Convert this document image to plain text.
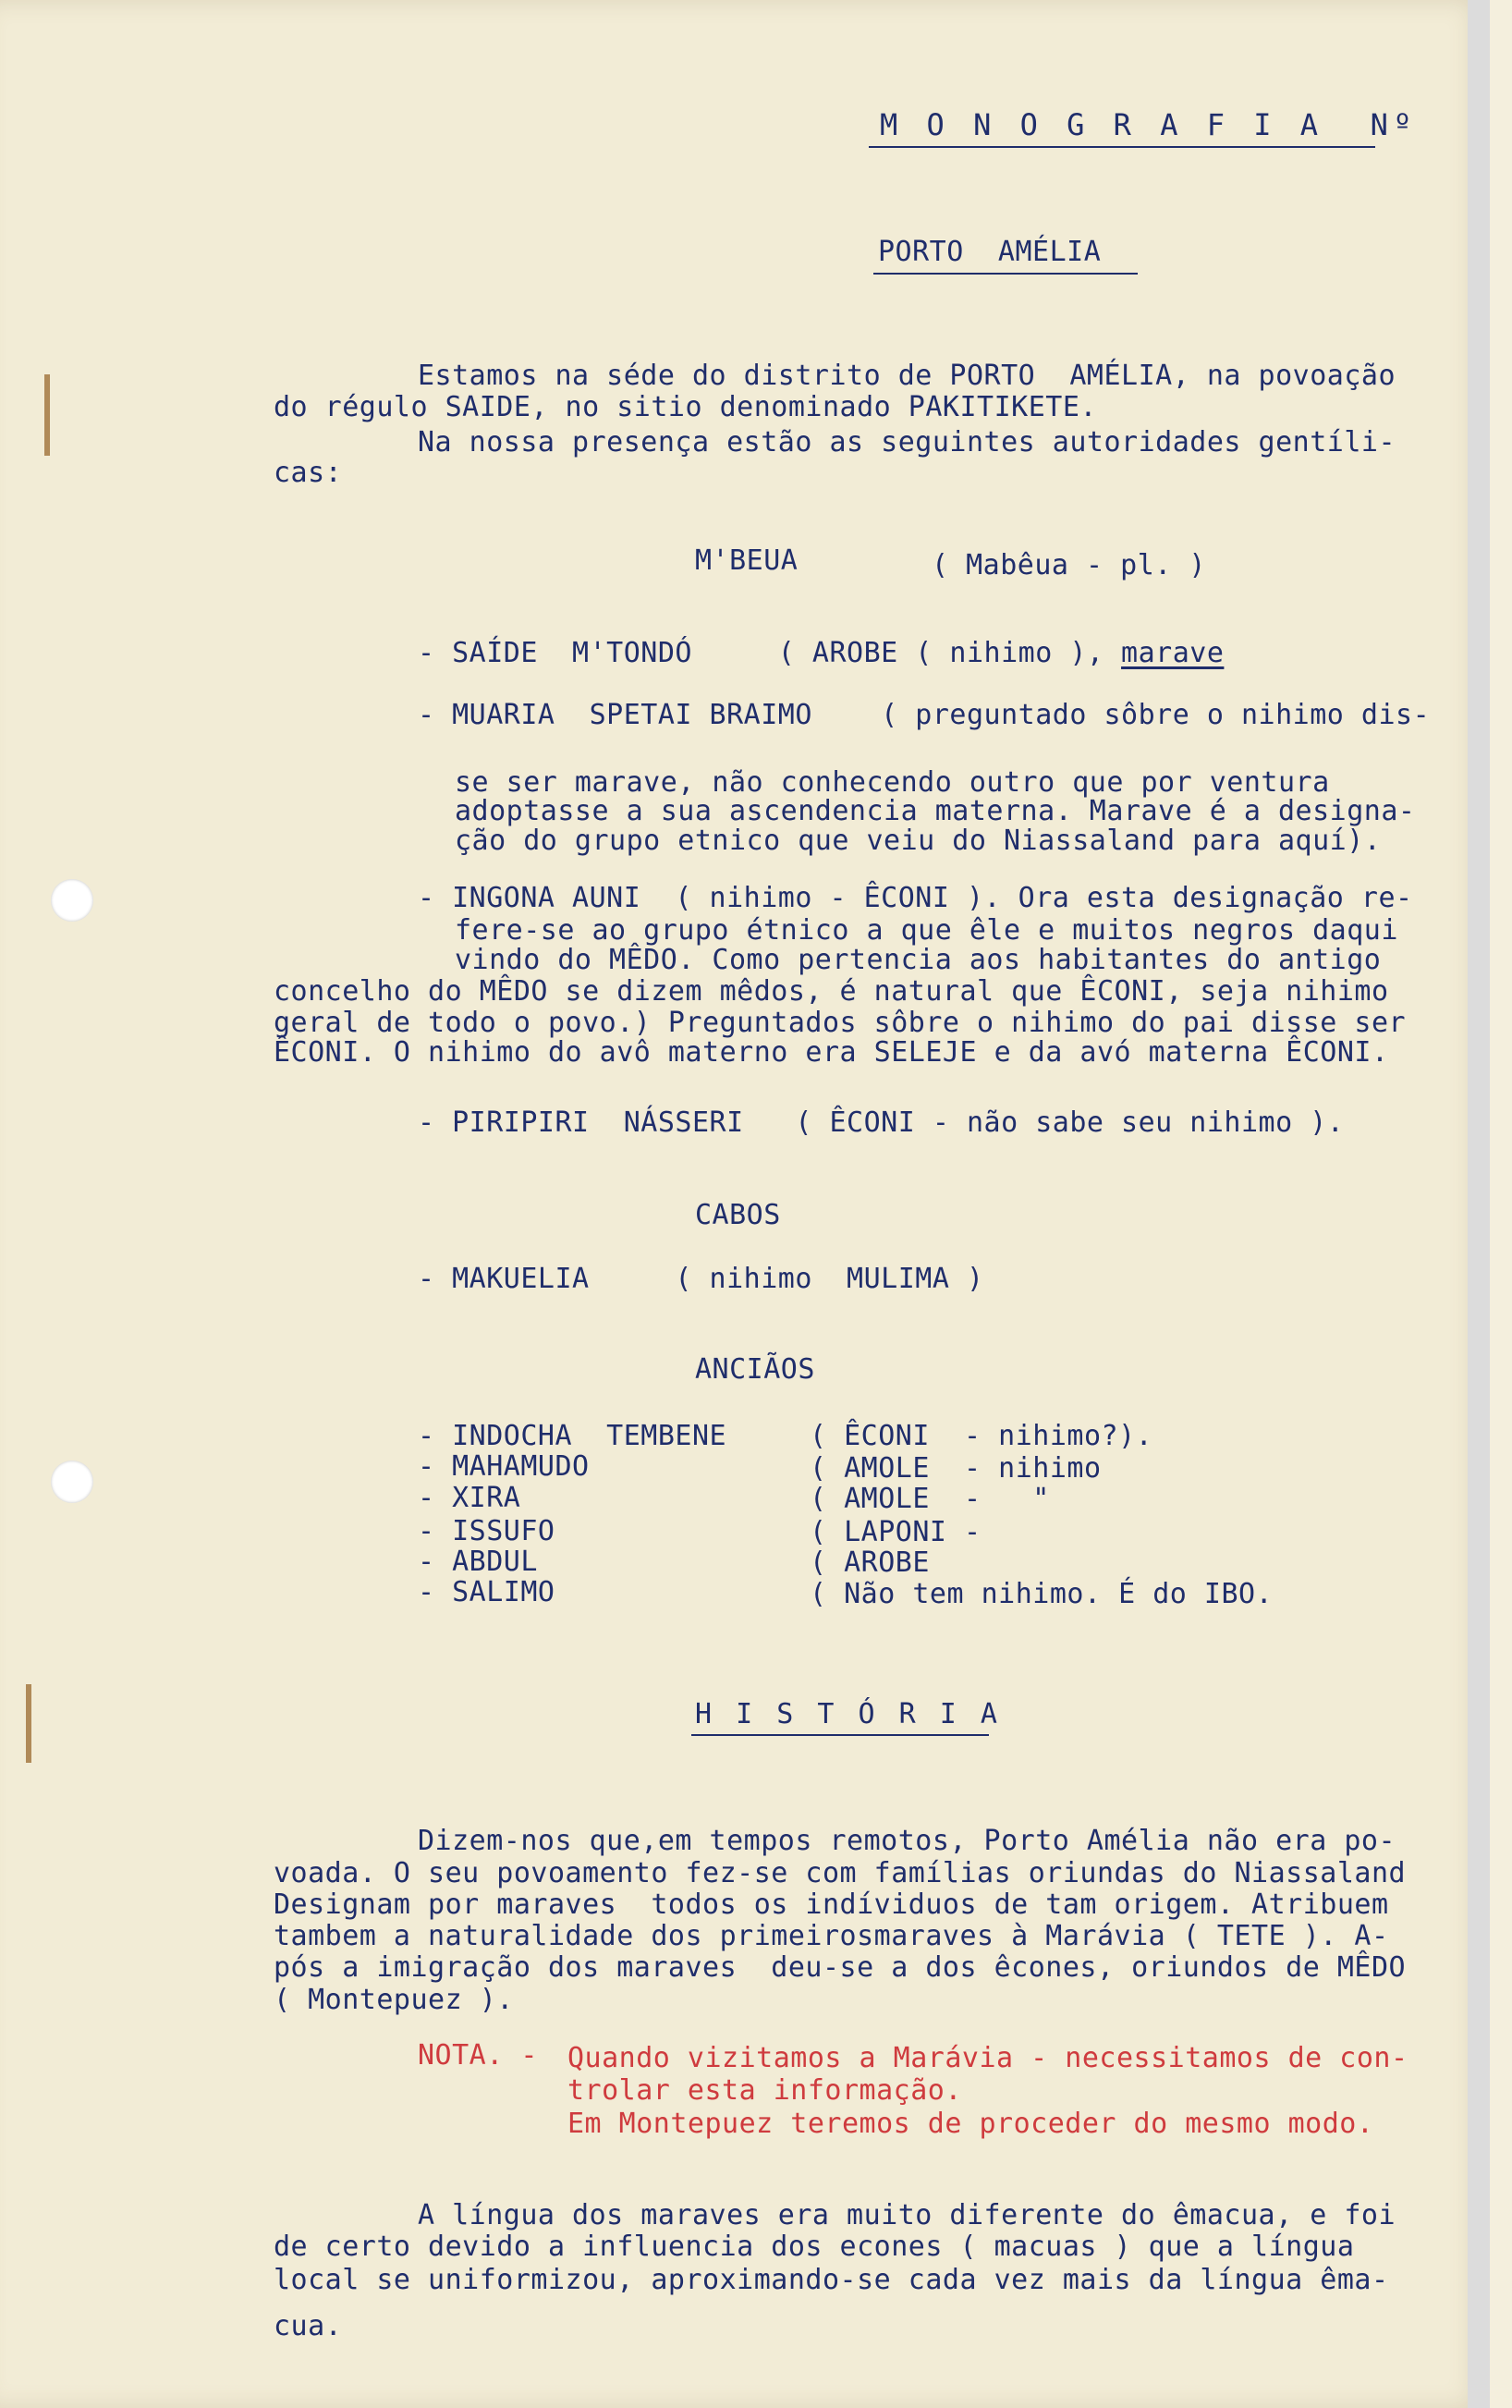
M O N O G R A F I A  Nº
PORTO  AMÉLIA
Estamos na séde do distrito de PORTO  AMÉLIA, na povoação
do régulo SAIDE, no sitio denominado PAKITIKETE.
Na nossa presença estão as seguintes autoridades gentíli-
cas:
M'BEUA	( Mabêua - pl. )
- SAÍDE  M'TONDÓ     ( AROBE ( nihimo ), marave
- MUARIA  SPETAI BRAIMO    ( preguntado sôbre o nihimo dis-
se ser marave, não conhecendo outro que por ventura
adoptasse a sua ascendencia materna. Marave é a designa-
ção do grupo etnico que veiu do Niassaland para aquí).
- INGONA AUNI  ( nihimo - ÊCONI ). Ora esta designação re-
fere-se ao grupo étnico a que êle e muitos negros daqui
vindo do MÊDO. Como pertencia aos habitantes do antigo
concelho do MÊDO se dizem mêdos, é natural que ÊCONI, seja nihimo
geral de todo o povo.) Preguntados sôbre o nihimo do pai disse ser
ÊCONI. O nihimo do avô materno era SELEJE e da avó materna ÊCONI.
- PIRIPIRI  NÁSSERI   ( ÊCONI - não sabe seu nihimo ).
CABOS
- MAKUELIA     ( nihimo  MULIMA )
ANCIÃOS
- INDOCHA  TEMBENE
- MAHAMUDO
- XIRA
- ISSUFO
- ABDUL
- SALIMO
( ÊCONI  - nihimo?).
( AMOLE  - nihimo
( AMOLE  -   "
( LAPONI -
( AROBE
( Não tem nihimo. É do IBO.
H I S T Ó R I A
Dizem-nos que,em tempos remotos, Porto Amélia não era po-
voada. O seu povoamento fez-se com famílias oriundas do Niassaland
Designam por maraves  todos os indíviduos de tam origem. Atribuem
tambem a naturalidade dos primeirosmaraves à Marávia ( TETE ). A-
pós a imigração dos maraves  deu-se a dos êcones, oriundos de MÊDO
( Montepuez ).
NOTA. - Quando vizitamos a Marávia - necessitamos de con-
trolar esta informação.
Em Montepuez teremos de proceder do mesmo modo.
A língua dos maraves era muito diferente do êmacua, e foi
de certo devido a influencia dos econes ( macuas ) que a língua
local se uniformizou, aproximando-se cada vez mais da língua êma-
cua.
